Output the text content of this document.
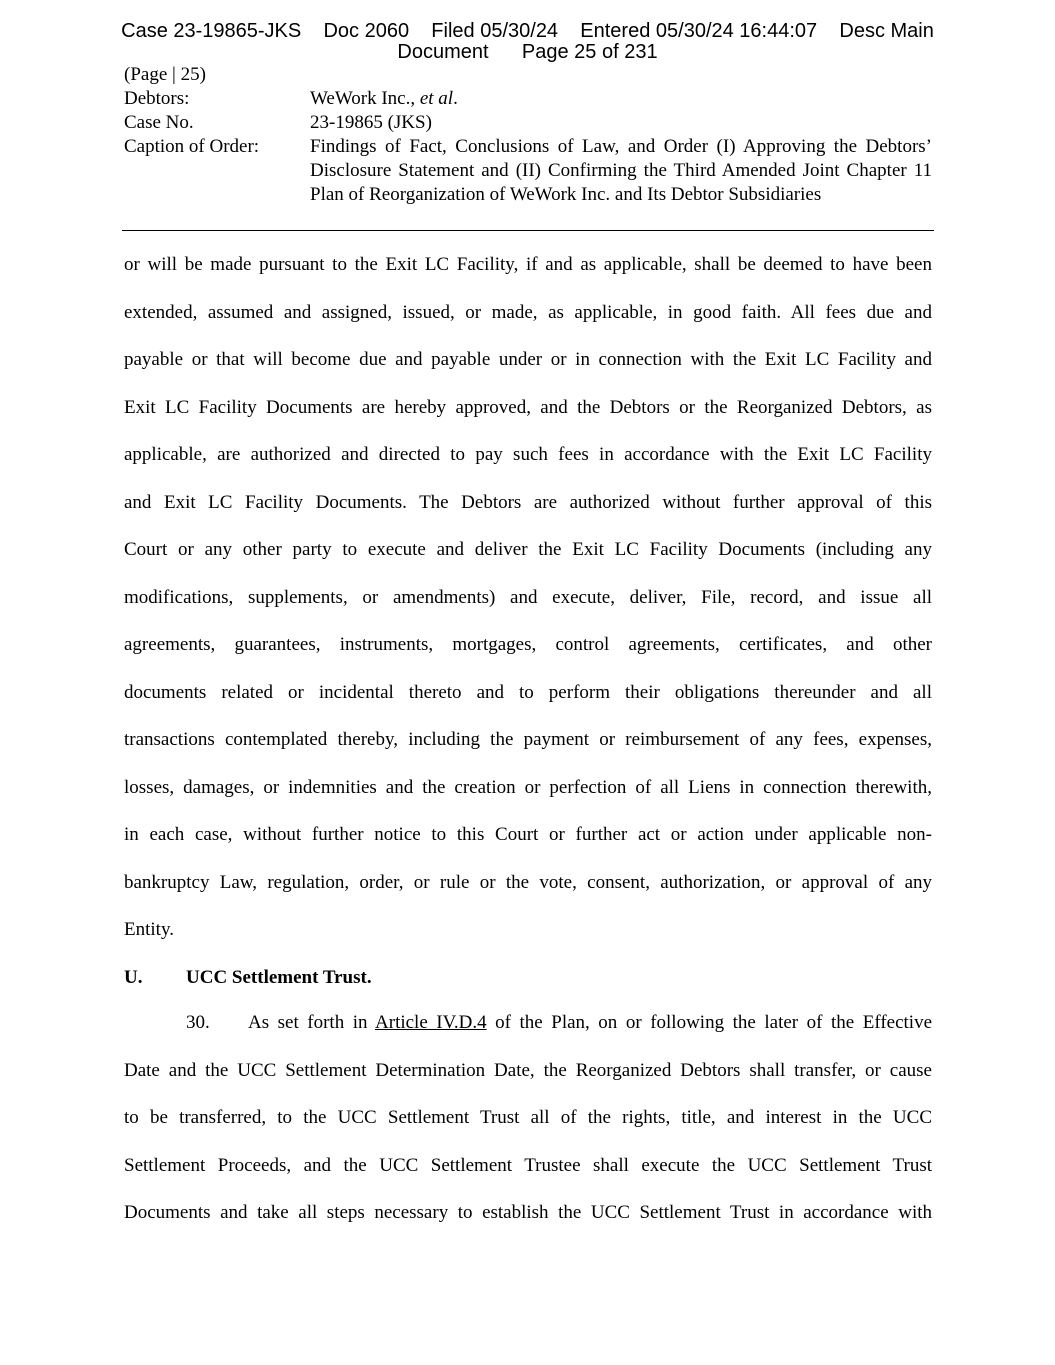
Case 23-19865-JKS    Doc 2060    Filed 05/30/24    Entered 05/30/24 16:44:07    Desc Main
Document      Page 25 of 231
(Page | 25)
Debtors:	WeWork Inc., et al.
Case No.	23-19865 (JKS)
Caption of Order:	Findings of Fact, Conclusions of Law, and Order (I) Approving the Debtors’ Disclosure Statement and (II) Confirming the Third Amended Joint Chapter 11 Plan of Reorganization of WeWork Inc. and Its Debtor Subsidiaries
or will be made pursuant to the Exit LC Facility, if and as applicable, shall be deemed to have been
extended, assumed and assigned, issued, or made, as applicable, in good faith. All fees due and
payable or that will become due and payable under or in connection with the Exit LC Facility and
Exit LC Facility Documents are hereby approved, and the Debtors or the Reorganized Debtors, as
applicable, are authorized and directed to pay such fees in accordance with the Exit LC Facility
and Exit LC Facility Documents. The Debtors are authorized without further approval of this
Court or any other party to execute and deliver the Exit LC Facility Documents (including any
modifications, supplements, or amendments) and execute, deliver, File, record, and issue all
agreements, guarantees, instruments, mortgages, control agreements, certificates, and other
documents related or incidental thereto and to perform their obligations thereunder and all
transactions contemplated thereby, including the payment or reimbursement of any fees, expenses,
losses, damages, or indemnities and the creation or perfection of all Liens in connection therewith,
in each case, without further notice to this Court or further act or action under applicable non-
bankruptcy Law, regulation, order, or rule or the vote, consent, authorization, or approval of any
Entity.
U. UCC Settlement Trust.
30. As set forth in Article IV.D.4 of the Plan, on or following the later of the Effective
Date and the UCC Settlement Determination Date, the Reorganized Debtors shall transfer, or cause
to be transferred, to the UCC Settlement Trust all of the rights, title, and interest in the UCC
Settlement Proceeds, and the UCC Settlement Trustee shall execute the UCC Settlement Trust
Documents and take all steps necessary to establish the UCC Settlement Trust in accordance with
